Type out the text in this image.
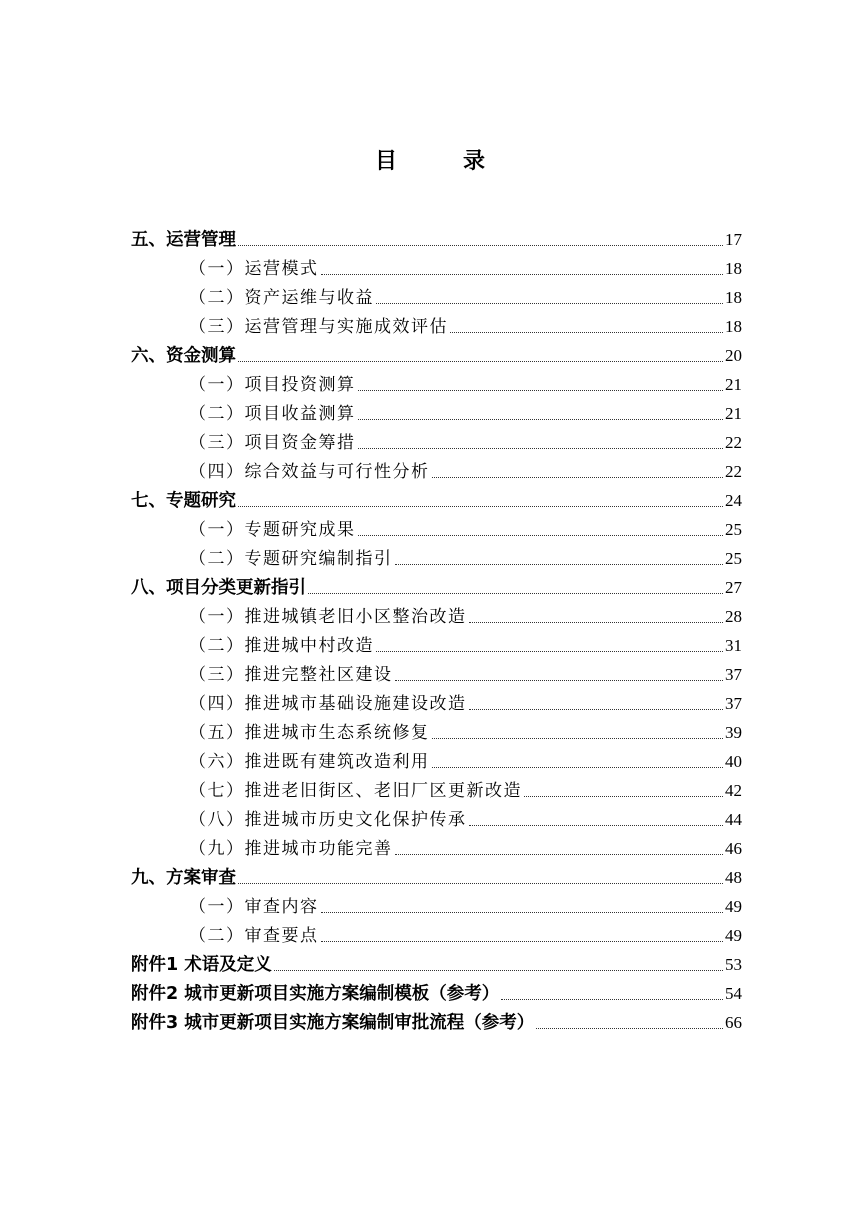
目　录
五、运营管理	17
（一）运营模式	18
（二）资产运维与收益	18
（三）运营管理与实施成效评估	18
六、资金测算	20
（一）项目投资测算	21
（二）项目收益测算	21
（三）项目资金筹措	22
（四）综合效益与可行性分析	22
七、专题研究	24
（一）专题研究成果	25
（二）专题研究编制指引	25
八、项目分类更新指引	27
（一）推进城镇老旧小区整治改造	28
（二）推进城中村改造	31
（三）推进完整社区建设	37
（四）推进城市基础设施建设改造	37
（五）推进城市生态系统修复	39
（六）推进既有建筑改造利用	40
（七）推进老旧街区、老旧厂区更新改造	42
（八）推进城市历史文化保护传承	44
（九）推进城市功能完善	46
九、方案审查	48
（一）审查内容	49
（二）审查要点	49
附件1 术语及定义	53
附件2 城市更新项目实施方案编制模板（参考）	54
附件3 城市更新项目实施方案编制审批流程（参考）	66
